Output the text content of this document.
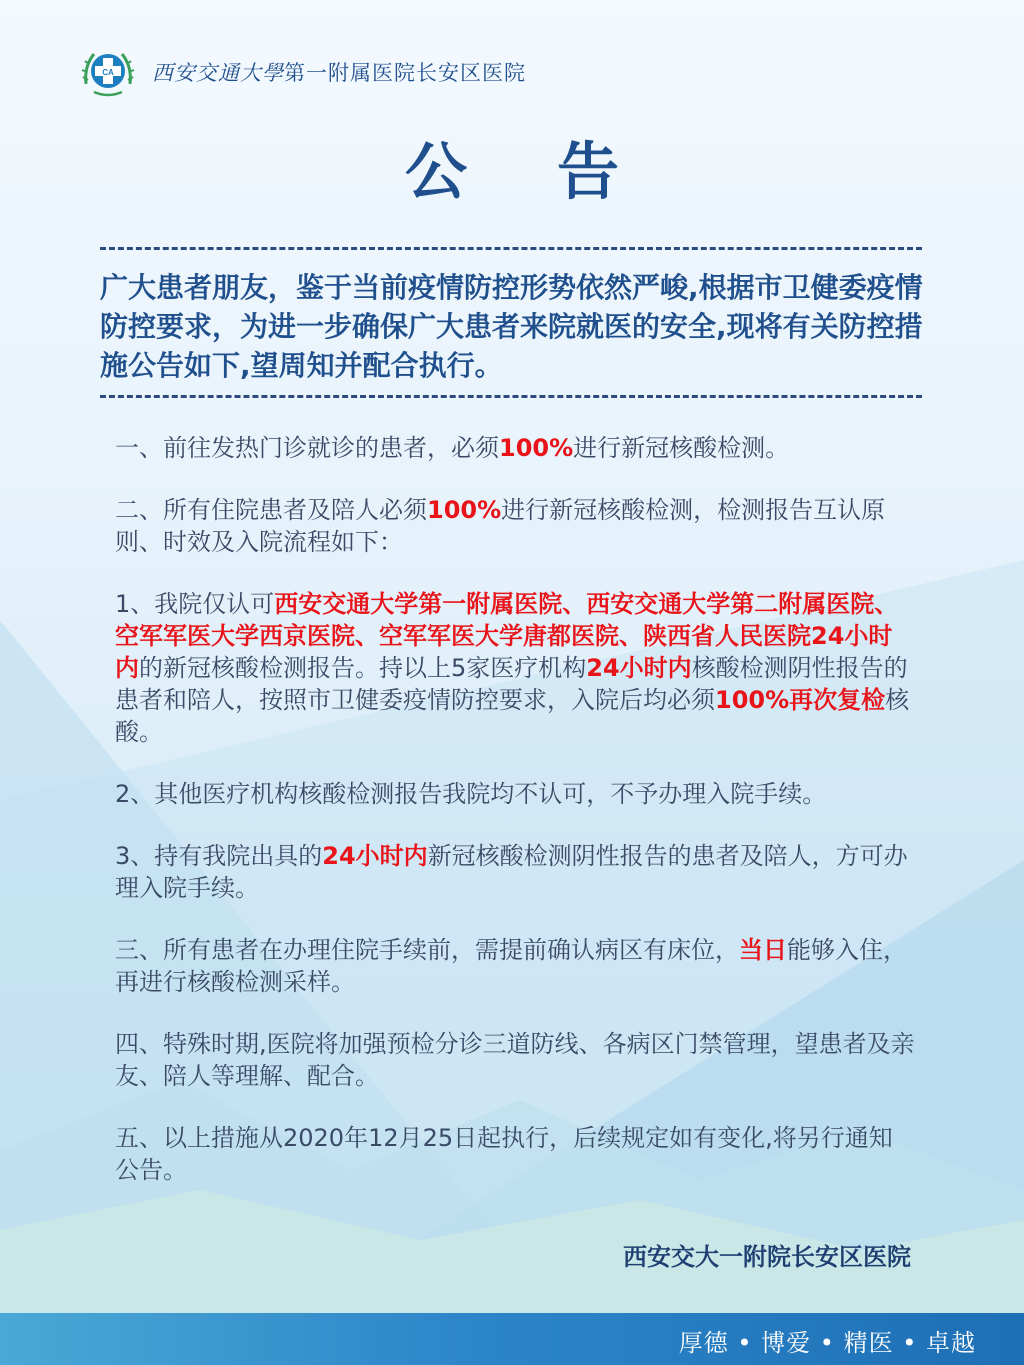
CA 西安交通大學 第一附属医院长安区医院
公告
广大患者朋友，鉴于当前疫情防控形势依然严峻,根据市卫健委疫情防控要求，为进一步确保广大患者来院就医的安全,现将有关防控措施公告如下,望周知并配合执行。

一、前往发热门诊就诊的患者，必须100%进行新冠核酸检测。

二、所有住院患者及陪人必须100%进行新冠核酸检测，检测报告互认原则、时效及入院流程如下：

1、我院仅认可西安交通大学第一附属医院、西安交通大学第二附属医院、空军军医大学西京医院、空军军医大学唐都医院、陕西省人民医院24小时内的新冠核酸检测报告。持以上5家医疗机构24小时内核酸检测阴性报告的患者和陪人，按照市卫健委疫情防控要求，入院后均必须100%再次复检核酸。

2、其他医疗机构核酸检测报告我院均不认可，不予办理入院手续。

3、持有我院出具的24小时内新冠核酸检测阴性报告的患者及陪人，方可办理入院手续。

三、所有患者在办理住院手续前，需提前确认病区有床位，当日能够入住，再进行核酸检测采样。

四、特殊时期,医院将加强预检分诊三道防线、各病区门禁管理，望患者及亲友、陪人等理解、配合。

五、以上措施从2020年12月25日起执行，后续规定如有变化,将另行通知公告。

西安交大一附院长安区医院
厚德 • 博爱 • 精医 • 卓越
